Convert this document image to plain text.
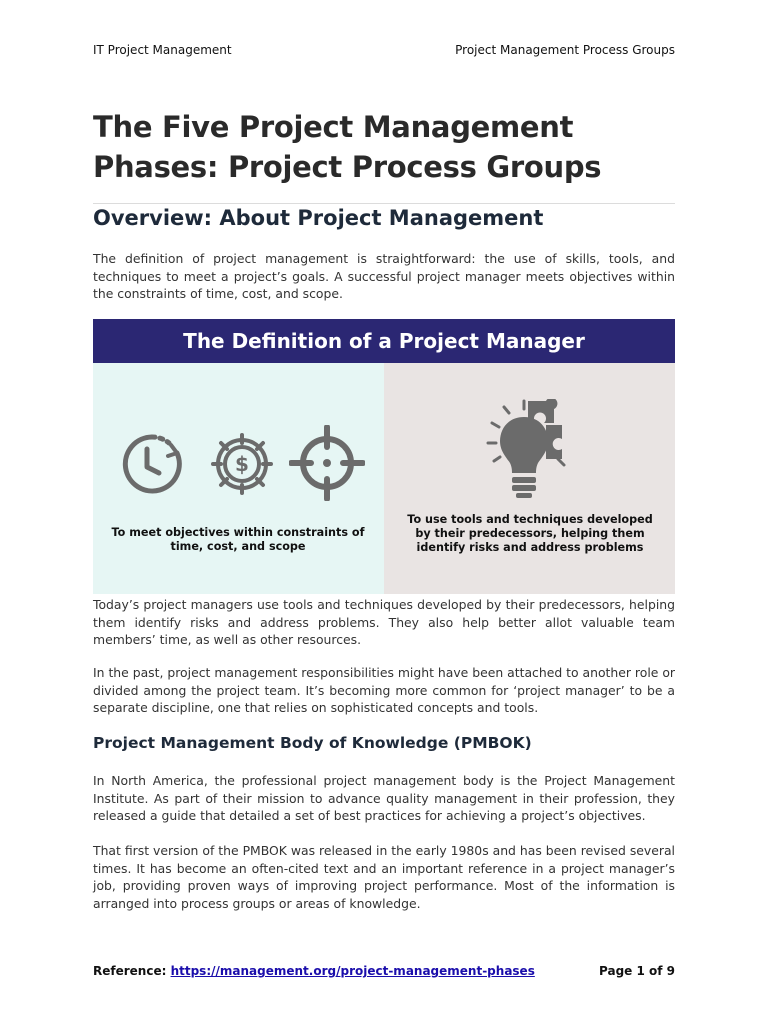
IT Project Management	Project Management Process Groups
The Five Project Management Phases: Project Process Groups
Overview: About Project Management
The definition of project management is straightforward: the use of skills, tools, and techniques to meet a project’s goals. A successful project manager meets objectives within the constraints of time, cost, and scope.
The Definition of a Project Manager
$
To meet objectives within constraints of time, cost, and scope
To use tools and techniques developed by their predecessors, helping them identify risks and address problems
Today’s project managers use tools and techniques developed by their predecessors, helping them identify risks and address problems. They also help better allot valuable team members’ time, as well as other resources.
In the past, project management responsibilities might have been attached to another role or divided among the project team. It’s becoming more common for ‘project manager’ to be a separate discipline, one that relies on sophisticated concepts and tools.
Project Management Body of Knowledge (PMBOK)
In North America, the professional project management body is the Project Management Institute. As part of their mission to advance quality management in their profession, they released a guide that detailed a set of best practices for achieving a project’s objectives.
That first version of the PMBOK was released in the early 1980s and has been revised several times. It has become an often-cited text and an important reference in a project manager’s job, providing proven ways of improving project performance. Most of the information is arranged into process groups or areas of knowledge.
Reference: https://management.org/project-management-phases	Page 1 of 9
